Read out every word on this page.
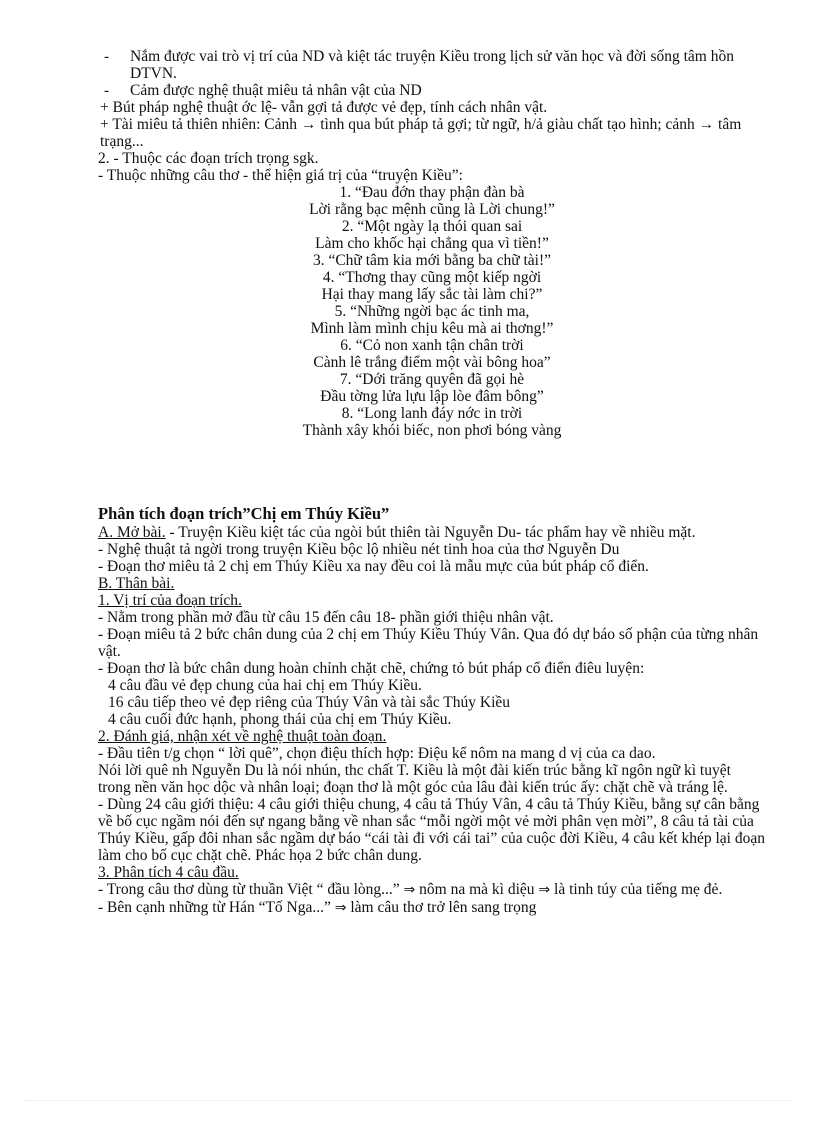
- Nắm được vai trò vị trí của ND và kiệt tác truyện Kiều trong lịch sử văn học và đời sống tâm hồn DTVN.

- Cảm được nghệ thuật miêu tả nhân vật của ND

+ Bút pháp nghệ thuật ớc lệ- vẫn gợi tả được vẻ đẹp, tính cách nhân vật.

+ Tài miêu tả thiên nhiên: Cảnh → tình qua bút pháp tả gợi; từ ngữ, h/ả giàu chất tạo hình; cảnh → tâm trạng...

2. - Thuộc các đoạn trích trọng sgk.

- Thuộc những câu thơ - thể hiện giá trị của “truyện Kiều”:

1. “Đau đớn thay phận đàn bà
Lời rằng bạc mệnh cũng là Lời chung!”
2. “Một ngày lạ thói quan sai
Làm cho khốc hại chẳng qua vì tiền!”
3. “Chữ tâm kia mới bằng ba chữ tài!”
4. “Thơng thay cũng một kiếp ngời
Hại thay mang lấy sắc tài làm chi?”
5. “Những ngời bạc ác tinh ma,
Mình làm mình chịu kêu mà ai thơng!”
6. “Cỏ non xanh tận chân trời
Cành lê trắng điểm một vài bông hoa”
7. “Dới trăng quyên đã gọi hè
Đầu tờng lửa lựu lập lòe đâm bông”
8. “Long lanh đáy nớc in trời
Thành xây khói biếc, non phơi bóng vàng

Phân tích đoạn trích”Chị em Thúy Kiều”

A. Mở bài. - Truyện Kiều kiệt tác của ngòi bút thiên tài Nguyễn Du- tác phẩm hay về nhiều mặt.

- Nghệ thuật tả ngời trong truyện Kiều bộc lộ nhiều nét tinh hoa của thơ Nguyễn Du

- Đoạn thơ miêu tả 2 chị em Thúy Kiều xa nay đều coi là mẫu mực của bút pháp cổ điển.

B. Thân bài.

1. Vị trí của đoạn trích.

- Nằm trong phần mở đầu từ câu 15 đến câu 18- phần giới thiệu nhân vật.

- Đoạn miêu tả 2 bức chân dung của 2 chị em Thúy Kiều Thúy Vân. Qua đó dự báo số phận của từng nhân vật.

- Đoạn thơ là bức chân dung hoàn chỉnh chặt chẽ, chứng tỏ bút pháp cổ điển điêu luyện:

4 câu đầu vẻ đẹp chung của hai chị em Thúy Kiều.

16 câu tiếp theo vẻ đẹp riêng của Thúy Vân và tài sắc Thúy Kiều

4 câu cuối đức hạnh, phong thái của chị em Thúy Kiều.

2. Đánh giá, nhận xét về nghệ thuật toàn đoạn.

- Đầu tiên t/g chọn “ lời quê”, chọn điệu thích hợp: Điệu kể nôm na mang d vị của ca dao.

Nói lời quê nh Nguyễn Du là nói nhún, thc chất T. Kiều là một đài kiến trúc bằng kĩ ngôn ngữ kì tuyệt trong nền văn học dộc và nhân loại; đoạn thơ là một góc của lâu đài kiến trúc ấy: chặt chẽ và tráng lệ.

- Dùng 24 câu giới thiệu: 4 câu giới thiệu chung, 4 câu tả Thúy Vân, 4 câu tả Thúy Kiều, bằng sự cân bằng về bố cục ngầm nói đến sự ngang bằng về nhan sắc “mỗi ngời một vẻ mời phân vẹn mời”, 8 câu tả tài của Thúy Kiều, gấp đôi nhan sắc ngầm dự báo “cái tài đi với cái tai” của cuộc đời Kiều, 4 câu kết khép lại đoạn làm cho bố cục chặt chẽ. Phác họa 2 bức chân dung.

3. Phân tích 4 câu đầu.

- Trong câu thơ dùng từ thuần Việt “ đầu lòng...” ⇒ nôm na mà kì diệu ⇒ là tinh túy của tiếng mẹ đẻ.

- Bên cạnh những từ Hán “Tố Nga...” ⇒ làm câu thơ trở lên sang trọng
